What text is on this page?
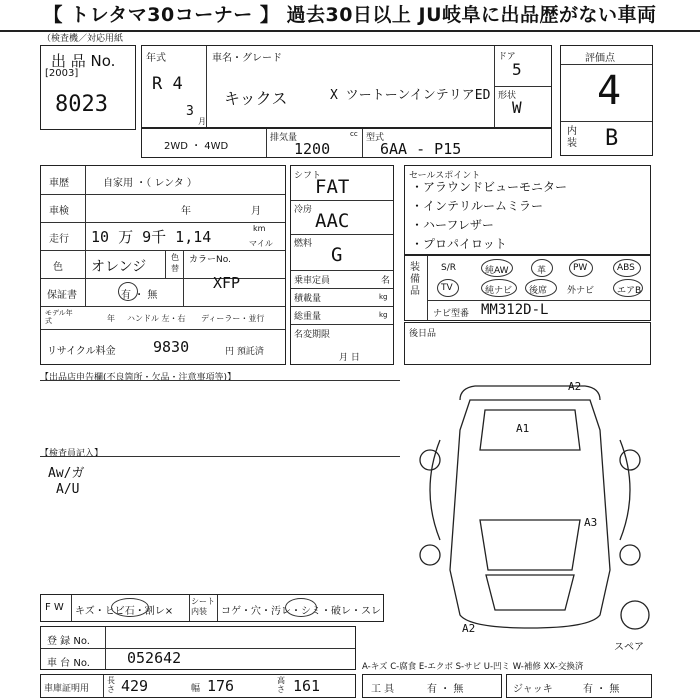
【 トレタマ30コーナー 】 過去30日以上 JU岐阜に出品歴がない車両
（検査機／対応用紙
出 品 No.
[2003]
8023
年式
R 4
3
月
車名・グレード
キックス	X ツートーンインテリアED
ドア
5
形状
W
評価点
4
内装 B
2WD ・ 4WD
排気量	cc
1200
型式
6AA - P15
車歴	自家用 ・（ レンタ ）
車検	年	月
走行 10 万 9千 1,14	km
マイル
色 オレンジ
色替
カラーNo.
XFP
保証書	有 ・ 無
モデル年式	年 ハンドル 左・右 ディーラー・並行
リサイクル料金 9830	円 預託済
シフト
FAT
冷房 AAC
燃料 G
乗車定員	名
積載量	kg
総重量	kg
名変期限
月 日
セールスポイント
・アラウンドビューモニター
・インテリルームミラー
・ハーフレザー
・プロパイロット
装備品
S/R	純AW	革	PW	ABS
TV	純ナビ 後席 外ナビ	エアB
ナビ型番 MM312D-L
後日品
【出品店申告欄(不良箇所・欠品・注意事項等)】
【検査員記入】
Aw/ガ
A/U
A2
A1
A3
A2
スペア
F W キズ・ヒビ石・割レ×
シート内装	コゲ・穴・汚レ・シミ・破レ・スレ
登 録 No.
車 台 No. 052642	A-キズ C-腐食 E-エクボ S-サビ U-凹ミ W-補修 XX-交換済
車庫証明用
長さ 429	幅 176	高さ 161	工 具	有 ・ 無	ジャッキ	有 ・ 無
